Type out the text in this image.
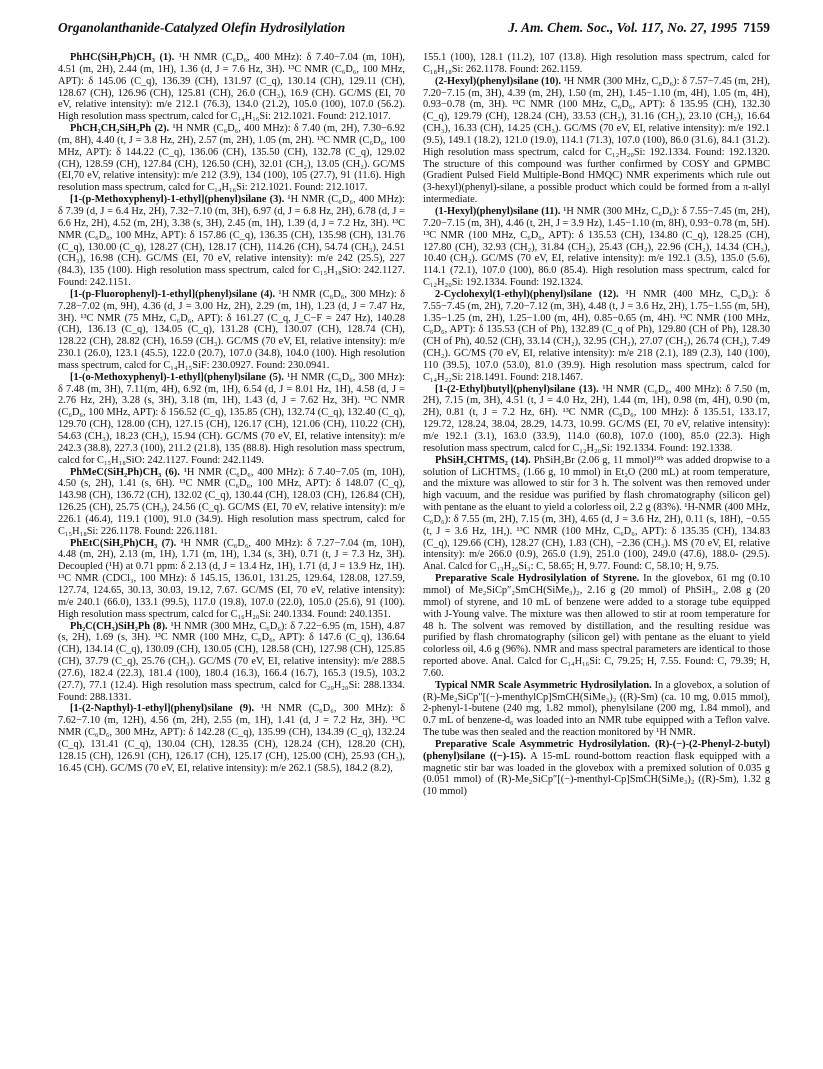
Organolanthanide-Catalyzed Olefin Hydrosilylation	J. Am. Chem. Soc., Vol. 117, No. 27, 1995 7159

PhHC(SiH₂Ph)CH₃ (1). ¹H NMR (C₆D₆, 400 MHz): δ 7.40−7.04 (m, 10H), 4.51 (m, 2H), 2.44 (m, 1H), 1.36 (d, J = 7.6 Hz, 3H). ¹³C NMR (C₆D₆, 100 MHz, APT): δ 145.06 (C_q), 136.39 (CH), 131.97 (C_q), 130.14 (CH), 129.11 (CH), 128.67 (CH), 126.96 (CH), 125.81 (CH), 26.0 (CH₃), 16.9 (CH). GC/MS (EI, 70 eV, relative intensity): m/e 212.1 (76.3), 134.0 (21.2), 105.0 (100), 107.0 (56.2). High resolution mass spectrum, calcd for C₁₄H₁₆Si: 212.1021. Found: 212.1017.

PhCH₂CH₂SiH₂Ph (2). ¹H NMR (C₆D₆, 400 MHz): δ 7.40 (m, 2H), 7.30−6.92 (m, 8H), 4.40 (t, J = 3.8 Hz, 2H), 2.57 (m, 2H), 1.05 (m, 2H). ¹³C NMR (C₆D₆, 100 MHz, APT): δ 144.22 (C_q), 136.06 (CH), 135.50 (CH), 132.78 (C_q), 129.02 (CH), 128.59 (CH), 127.84 (CH), 126.50 (CH), 32.01 (CH₂), 13.05 (CH₂). GC/MS (EI,70 eV, relative intensity): m/e 212 (3.9), 134 (100), 105 (27.7), 91 (11.6). High resolution mass spectrum, calcd for C₁₄H₁₆Si: 212.1021. Found: 212.1017.

[1-(p-Methoxyphenyl)-1-ethyl](phenyl)silane (3). ¹H NMR (C₆D₆, 400 MHz): δ 7.39 (d, J = 6.4 Hz, 2H), 7.32−7.10 (m, 3H), 6.97 (d, J = 6.8 Hz, 2H), 6.78 (d, J = 6.6 Hz, 2H), 4.52 (m, 2H), 3.38 (s, 3H), 2.45 (m, 1H), 1.39 (d, J = 7.2 Hz, 3H). ¹³C NMR (C₆D₆, 100 MHz, APT): δ 157.86 (C_q), 136.35 (CH), 135.98 (CH), 131.76 (C_q), 130.00 (C_q), 128.27 (CH), 128.17 (CH), 114.26 (CH), 54.74 (CH₃), 24.51 (CH₃), 16.98 (CH). GC/MS (EI, 70 eV, relative intensity): m/e 242 (25.5), 227 (84.3), 135 (100). High resolution mass spectrum, calcd for C₁₅H₁₈SiO: 242.1127. Found: 242.1151.

[1-(p-Fluorophenyl)-1-ethyl](phenyl)silane (4). ¹H NMR (C₆D₆, 300 MHz): δ 7.28−7.02 (m, 9H), 4.36 (d, J = 3.00 Hz, 2H), 2.29 (m, 1H), 1.23 (d, J = 7.47 Hz, 3H). ¹³C NMR (75 MHz, C₆D₆, APT): δ 161.27 (C_q, J_C−F = 247 Hz), 140.28 (CH), 136.13 (C_q), 134.05 (C_q), 131.28 (CH), 130.07 (CH), 128.74 (CH), 128.22 (CH), 28.82 (CH), 16.59 (CH₃). GC/MS (70 eV, EI, relative intensity): m/e 230.1 (26.0), 123.1 (45.5), 122.0 (20.7), 107.0 (34.8), 104.0 (100). High resolution mass spectrum, calcd for C₁₄H₁₅SiF: 230.0927. Found: 230.0941.

[1-(o-Methoxyphenyl)-1-ethyl](phenyl)silane (5). ¹H NMR (C₆D₆, 300 MHz): δ 7.48 (m, 3H), 7.11(m, 4H), 6.92 (m, 1H), 6.54 (d, J = 8.01 Hz, 1H), 4.58 (d, J = 2.76 Hz, 2H), 3.28 (s, 3H), 3.18 (m, 1H), 1.43 (d, J = 7.62 Hz, 3H). ¹³C NMR (C₆D₆, 100 MHz, APT): δ 156.52 (C_q), 135.85 (CH), 132.74 (C_q), 132.40 (C_q), 129.70 (CH), 128.00 (CH), 127.15 (CH), 126.17 (CH), 121.06 (CH), 110.22 (CH), 54.63 (CH₃), 18.23 (CH₃), 15.94 (CH). GC/MS (70 eV, EI, relative intensity): m/e 242.3 (38.8), 227.3 (100), 211.2 (21.8), 135 (88.8). High resolution mass spectrum, calcd for C₁₅H₁₈SiO: 242.1127. Found: 242.1149.

PhMeC(SiH₂Ph)CH₃ (6). ¹H NMR (C₆D₆, 400 MHz): δ 7.40−7.05 (m, 10H), 4.50 (s, 2H), 1.41 (s, 6H). ¹³C NMR (C₆D₆, 100 MHz, APT): δ 148.07 (C_q), 143.98 (CH), 136.72 (CH), 132.02 (C_q), 130.44 (CH), 128.03 (CH), 126.84 (CH), 126.25 (CH), 25.75 (CH₃), 24.56 (C_q). GC/MS (EI, 70 eV, relative intensity): m/e 226.1 (46.4), 119.1 (100), 91.0 (34.9). High resolution mass spectrum, calcd for C₁₅H₁₈Si: 226.1178. Found: 226.1181.

PhEtC(SiH₂Ph)CH₃ (7). ¹H NMR (C₆D₆, 400 MHz): δ 7.27−7.04 (m, 10H), 4.48 (m, 2H), 2.13 (m, 1H), 1.71 (m, 1H), 1.34 (s, 3H), 0.71 (t, J = 7.3 Hz, 3H). Decoupled (¹H) at 0.71 ppm: δ 2.13 (d, J = 13.4 Hz, 1H), 1.71 (d, J = 13.9 Hz, 1H). ¹³C NMR (CDCl₃, 100 MHz): δ 145.15, 136.01, 131.25, 129.64, 128.08, 127.59, 127.74, 124.65, 30.13, 30.03, 19.12, 7.67. GC/MS (EI, 70 eV, relative intensity): m/e 240.1 (66.0), 133.1 (99.5), 117.0 (19.8), 107.0 (22.0), 105.0 (25.6), 91 (100). High resolution mass spectrum, calcd for C₁₆H₂₀Si: 240.1334. Found: 240.1351.

Ph₂C(CH₃)SiH₂Ph (8). ¹H NMR (300 MHz, C₆D₆): δ 7.22−6.95 (m, 15H), 4.87 (s, 2H), 1.69 (s, 3H). ¹³C NMR (100 MHz, C₆D₆, APT): δ 147.6 (C_q), 136.64 (CH), 134.14 (C_q), 130.09 (CH), 130.05 (CH), 128.58 (CH), 127.98 (CH), 125.85 (CH), 37.79 (C_q), 25.76 (CH₃). GC/MS (70 eV, EI, relative intensity): m/e 288.5 (27.6), 182.4 (22.3), 181.4 (100), 180.4 (16.3), 166.4 (16.7), 165.3 (19.5), 103.2 (27.7), 77.1 (12.4). High resolution mass spectrum, calcd for C₂₀H₂₀Si: 288.1334. Found: 288.1331.

[1-(2-Napthyl)-1-ethyl](phenyl)silane (9). ¹H NMR (C₆D₆, 300 MHz): δ 7.62−7.10 (m, 12H), 4.56 (m, 2H), 2.55 (m, 1H), 1.41 (d, J = 7.2 Hz, 3H). ¹³C NMR (C₆D₆, 300 MHz, APT): δ 142.28 (C_q), 135.99 (CH), 134.39 (C_q), 132.24 (C_q), 131.41 (C_q), 130.04 (CH), 128.35 (CH), 128.24 (CH), 128.20 (CH), 128.15 (CH), 126.91 (CH), 126.17 (CH), 125.17 (CH), 125.00 (CH), 25.93 (CH₃), 16.45 (CH). GC/MS (70 eV, EI, relative intensity): m/e 262.1 (58.5), 184.2 (8.2),

155.1 (100), 128.1 (11.2), 107 (13.8). High resolution mass spectrum, calcd for C₁₈H₁₈Si: 262.1178. Found: 262.1159.

(2-Hexyl)(phenyl)silane (10). ¹H NMR (300 MHz, C₆D₆): δ 7.57−7.45 (m, 2H), 7.20−7.15 (m, 3H), 4.39 (m, 2H), 1.50 (m, 2H), 1.45−1.10 (m, 4H), 1.05 (m, 4H), 0.93−0.78 (m, 3H). ¹³C NMR (100 MHz, C₆D₆, APT): δ 135.95 (CH), 132.30 (C_q), 129.79 (CH), 128.24 (CH), 33.53 (CH₂), 31.16 (CH₂), 23.10 (CH₂), 16.64 (CH₃), 16.33 (CH), 14.25 (CH₃). GC/MS (70 eV, EI, relative intensity): m/e 192.1 (9.5), 149.1 (18.2), 121.0 (19.0), 114.1 (71.3), 107.0 (100), 86.0 (31.6), 84.1 (31.2). High resolution mass spectrum, calcd for C₁₂H₂₀Si: 192.1334. Found: 192.1320. The structure of this compound was further confirmed by COSY and GPMBC (Gradient Pulsed Field Multiple-Bond HMQC) NMR experiments which rule out (3-hexyl)(phenyl)-silane, a possible product which could be formed from a π-allyl intermediate.

(1-Hexyl)(phenyl)silane (11). ¹H NMR (300 MHz, C₆D₆): δ 7.55−7.45 (m, 2H), 7.20−7.15 (m, 3H), 4.46 (t, 2H, J = 3.9 Hz), 1.45−1.10 (m, 8H), 0.93−0.78 (m, 5H). ¹³C NMR (100 MHz, C₆D₆, APT): δ 135.53 (CH), 134.80 (C_q), 128.25 (CH), 127.80 (CH), 32.93 (CH₂), 31.84 (CH₂), 25.43 (CH₂), 22.96 (CH₂), 14.34 (CH₃), 10.40 (CH₂). GC/MS (70 eV, EI, relative intensity): m/e 192.1 (3.5), 135.0 (5.6), 114.1 (72.1), 107.0 (100), 86.0 (85.4). High resolution mass spectrum, calcd for C₁₂H₂₀Si: 192.1334. Found: 192.1324.

2-Cyclohexyl(1-ethyl)(phenyl)silane (12). ¹H NMR (400 MHz, C₆D₆): δ 7.55−7.45 (m, 2H), 7.20−7.12 (m, 3H), 4.48 (t, J = 3.6 Hz, 2H), 1.75−1.55 (m, 5H), 1.35−1.25 (m, 2H), 1.25−1.00 (m, 4H), 0.85−0.65 (m, 4H). ¹³C NMR (100 MHz, C₆D₆, APT): δ 135.53 (CH of Ph), 132.89 (C_q of Ph), 129.80 (CH of Ph), 128.30 (CH of Ph), 40.52 (CH), 33.14 (CH₂), 32.95 (CH₂), 27.07 (CH₂), 26.74 (CH₂), 7.49 (CH₂). GC/MS (70 eV, EI, relative intensity): m/e 218 (2.1), 189 (2.3), 140 (100), 110 (39.5), 107.0 (53.0), 81.0 (39.9). High resolution mass spectrum, calcd for C₁₄H₂₂Si: 218.1491. Found: 218.1467.

[1-(2-Ethyl)butyl](phenyl)silane (13). ¹H NMR (C₆D₆, 400 MHz): δ 7.50 (m, 2H), 7.15 (m, 3H), 4.51 (t, J = 4.0 Hz, 2H), 1.44 (m, 1H), 0.98 (m, 4H), 0.90 (m, 2H), 0.81 (t, J = 7.2 Hz, 6H). ¹³C NMR (C₆D₆, 100 MHz): δ 135.51, 133.17, 129.72, 128.24, 38.04, 28.29, 14.73, 10.99. GC/MS (EI, 70 eV, relative intensity): m/e 192.1 (3.1), 163.0 (33.9), 114.0 (60.8), 107.0 (100), 85.0 (22.3). High resolution mass spectrum, calcd for C₁₂H₂₀Si: 192.1334. Found: 192.1338.

PhSiH₂CHTMS₂ (14). PhSiH₂Br (2.06 g, 11 mmol)¹⁹ᵇ was added dropwise to a solution of LiCHTMS₂ (1.66 g, 10 mmol) in Et₂O (200 mL) at room temperature, and the mixture was allowed to stir for 3 h. The solvent was then removed under high vacuum, and the residue was purified by flash chromatography (silicon gel) with pentane as the eluant to yield a colorless oil, 2.2 g (83%). ¹H-NMR (400 MHz, C₆D₆): δ 7.55 (m, 2H), 7.15 (m, 3H), 4.65 (d, J = 3.6 Hz, 2H), 0.11 (s, 18H), −0.55 (t, J = 3.6 Hz, 1H,). ¹³C NMR (100 MHz, C₆D₆, APT): δ 135.35 (CH), 134.83 (C_q), 129.66 (CH), 128.27 (CH), 1.83 (CH), −2.36 (CH₃). MS (70 eV, EI, relative intensity): m/e 266.0 (0.9), 265.0 (1.9), 251.0 (100), 249.0 (47.6), 188.0- (29.5). Anal. Calcd for C₁₃H₂₆Si₃: C, 58.65; H, 9.77. Found: C, 58.10; H, 9.75.

Preparative Scale Hydrosilylation of Styrene. In the glovebox, 61 mg (0.10 mmol) of Me₂SiCp″₂SmCH(SiMe₃)₂, 2.16 g (20 mmol) of PhSiH₃, 2.08 g (20 mmol) of styrene, and 10 mL of benzene were added to a storage tube equipped with J-Young valve. The mixture was then allowed to stir at room temperature for 48 h. The solvent was removed by distillation, and the resulting residue was purified by flash chromatography (silicon gel) with pentane as the eluant to yield colorless oil, 4.6 g (96%). NMR and mass spectral parameters are identical to those reported above. Anal. Calcd for C₁₄H₁₆Si: C, 79.25; H, 7.55. Found: C, 79.39; H, 7.60.

Typical NMR Scale Asymmetric Hydrosilylation. In a glovebox, a solution of (R)-Me₂SiCp″[(−)-menthylCp]SmCH(SiMe₃)₂ ((R)-Sm) (ca. 10 mg, 0.015 mmol), 2-phenyl-1-butene (240 mg, 1.82 mmol), phenylsilane (200 mg, 1.84 mmol), and 0.7 mL of benzene-d₆ was loaded into an NMR tube equipped with a Teflon valve. The tube was then sealed and the reaction monitored by ¹H NMR.

Preparative Scale Asymmetric Hydrosilylation. (R)-(−)-(2-Phenyl-2-butyl)(phenyl)silane ((−)-15). A 15-mL round-bottom reaction flask equipped with a magnetic stir bar was loaded in the glovebox with a premixed solution of 0.035 g (0.051 mmol) of (R)-Me₂SiCp″[(−)-menthyl-Cp]SmCH(SiMe₃)₂ ((R)-Sm), 1.32 g (10 mmol)
